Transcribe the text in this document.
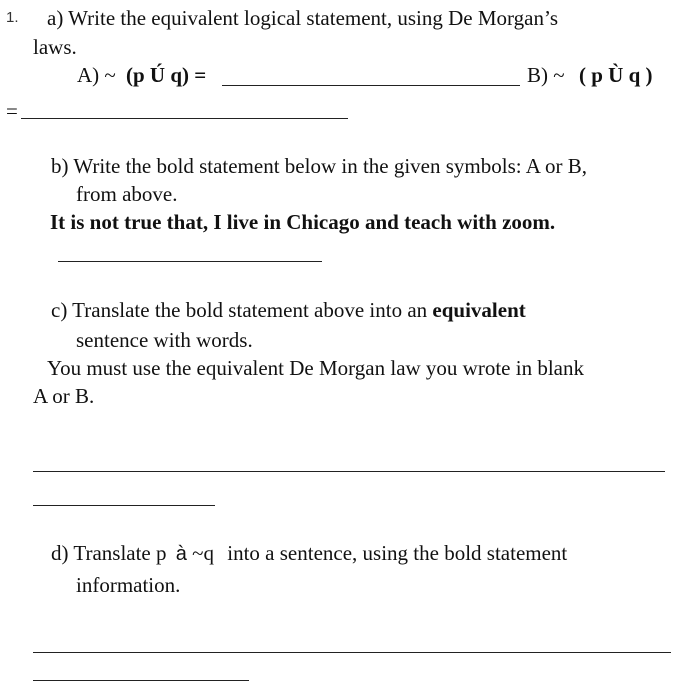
1. a) Write the equivalent logical statement, using De Morgan’s
laws.
A) ~ (p Ú q) =	B) ~ ( p Ù q )
=
b) Write the bold statement below in the given symbols: A or B,
from above.
It is not true that, I live in Chicago and teach with zoom.
c) Translate the bold statement above into an equivalent
sentence with words.
You must use the equivalent De Morgan law you wrote in blank
A or B.
d) Translate p à ~q into a sentence, using the bold statement
information.
